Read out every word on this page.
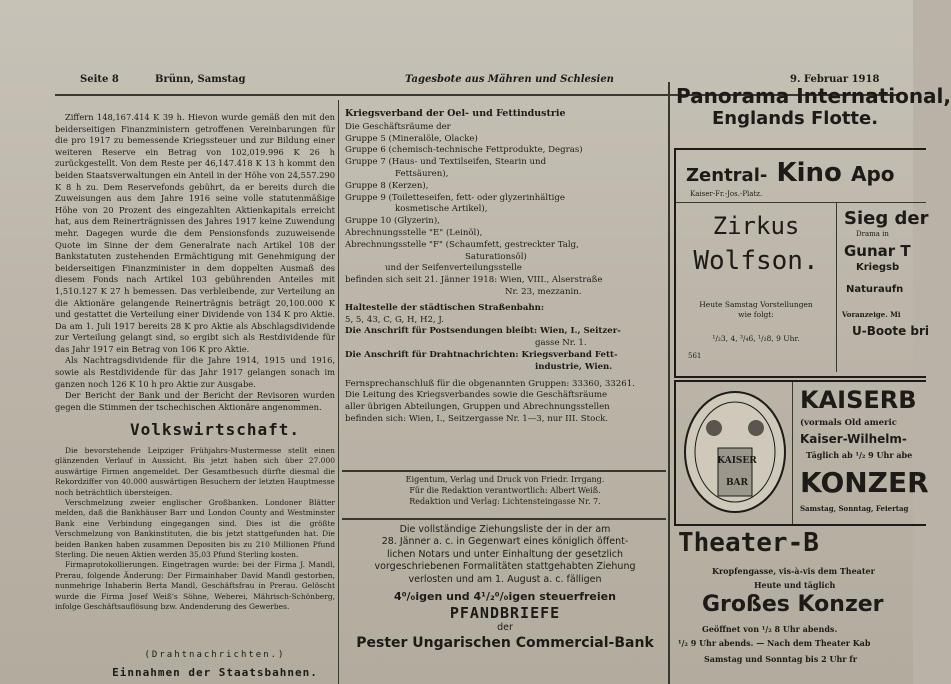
Seite 8	Brünn, Samstag	Tagesbote aus Mähren und Schlesien	9. Februar 1918

Ziffern 148,167.414 K 39 h. Hievon wurde gemäß den mit den beiderseitigen Finanzministern getroffenen Vereinbarungen für die pro 1917 zu bemessende Kriegssteuer und zur Bildung einer weiteren Reserve ein Betrag von 102,019.996 K 26 h zurückgestellt. Von dem Reste per 46,147.418 K 13 h kommt den beiden Staatsverwaltungen ein Anteil in der Höhe von 24,557.290 K 8 h zu. Dem Reservefonds gebührt, da er bereits durch die Zuweisungen aus dem Jahre 1916 seine volle statutenmäßige Höhe von 20 Prozent des eingezahlten Aktienkapitals erreicht hat, aus dem Reinerträgnissen des Jahres 1917 keine Zuwendung mehr. Dagegen wurde die dem Pensionsfonds zuzuweisende Quote im Sinne der dem Generalrate nach Artikel 108 der Bankstatuten zustehenden Ermächtigung mit Genehmigung der beiderseitigen Finanzminister in dem doppelten Ausmaß des diesem Fonds nach Artikel 103 gebührenden Anteiles mit 1,510.127 K 27 h bemessen. Das verbleibende, zur Verteilung an die Aktionäre gelangende Reinerträgnis beträgt 20,100.000 K und gestattet die Verteilung einer Dividende von 134 K pro Aktie. Da am 1. Juli 1917 bereits 28 K pro Aktie als Abschlagsdividende zur Verteilung gelangt sind, so ergibt sich als Restdividende für das Jahr 1917 ein Betrag von 106 K pro Aktie.

Als Nachtragsdividende für die Jahre 1914, 1915 und 1916, sowie als Restdividende für das Jahr 1917 gelangen sonach im ganzen noch 126 K 10 h pro Aktie zur Ausgabe.

Der Bericht der Bank und der Bericht der Revisoren wurden gegen die Stimmen der tschechischen Aktionäre angenommen.

Volkswirtschaft.

Die bevorstehende Leipziger Frühjahrs-Mustermesse stellt einen glänzenden Verlauf in Aussicht. Bis jetzt haben sich über 27.000 auswärtige Firmen angemeldet. Der Gesamtbesuch dürfte diesmal die Rekordziffer von 40.000 auswärtigen Besuchern der letzten Hauptmesse noch beträchtlich übersteigen.

Verschmelzung zweier englischer Großbanken. Londoner Blätter melden, daß die Bankhäuser Barr und London County and Westminster Bank eine Verbindung eingegangen sind. Dies ist die größte Verschmelzung von Bankinstituten, die bis jetzt stattgefunden hat. Die beiden Banken haben zusammen Depositen bis zu 210 Millionen Pfund Sterling. Die neuen Aktien werden 35,03 Pfund Sterling kosten.

Firmaprotokollierungen. Eingetragen wurde: bei der Firma J. Mandl, Prerau, folgende Änderung: Der Firmainhaber David Mandl gestorben, nunmehrige Inhaberin Berta Mandl, Geschäftsfrau in Prerau. Gelöscht wurde die Firma Josef Weiß's Söhne, Weberei, Mährisch-Schönberg, infolge Geschäftsauflösung bzw. Andenderung des Gewerbes.

(Drahtnachrichten.)
Einnahmen der Staatsbahnen.
Kriegsverband der Oel- und Fettindustrie
Die Geschäftsräume der
Gruppe 5 (Mineralöle, Olacke)
Gruppe 6 (chemisch-technische Fettprodukte, Degras)
Gruppe 7 (Haus- und Textilseifen, Stearin und
Fettsäuren),
Gruppe 8 (Kerzen),
Gruppe 9 (Toiletteseifen, fett- oder glyzerinhältige
kosmetische Artikel),
Gruppe 10 (Glyzerin),
Abrechnungsstelle "E" (Leinöl),
Abrechnungsstelle "F" (Schaumfett, gestreckter Talg,
Saturationsöl)
und der Seifenverteilungsstelle
befinden sich seit 21. Jänner 1918: Wien, VIII., Alserstraße
Nr. 23, mezzanin.
Haltestelle der städtischen Straßenbahn:
5, 5, 43, C, G, H, H2, J.
Die Anschrift für Postsendungen bleibt: Wien, I., Seitzer-
gasse Nr. 1.
Die Anschrift für Drahtnachrichten: Kriegsverband Fett-
industrie, Wien.
Fernsprechanschluß für die obgenannten Gruppen: 33360, 33261.
Die Leitung des Kriegsverbandes sowie die Geschäftsräume
aller übrigen Abteilungen, Gruppen und Abrechnungsstellen
befinden sich: Wien, I., Seitzergasse Nr. 1—3, nur III. Stock.
Eigentum, Verlag und Druck von Friedr. Irrgang.
Für die Redaktion verantwortlich: Albert Weiß.
Redaktion und Verlag: Lichtensteingasse Nr. 7.
Die vollständige Ziehungsliste der in der am
28. Jänner a. c. in Gegenwart eines königlich öffent-
lichen Notars und unter Einhaltung der gesetzlich
vorgeschriebenen Formalitäten stattgehabten Ziehung
verlosten und am 1. August a. c. fälligen
4⁰/₀igen und 4¹/₂⁰/₀igen steuerfreien
PFANDBRIEFE
der
Pester Ungarischen Commercial-Bank
Panorama International,
Englands Flotte.
Zentral- Kino Apo
Kaiser-Fr.-Jos.-Platz.
Zirkus
Wolfson.
Heute Samstag Vorstellungen
wie folgt:
¹/₂3, 4, ³/₄6, ¹/₂8, 9 Uhr.
561
Sieg der
Drama in
Gunar T
Kriegsb
Naturaufn
Voranzeige. Mi
U-Boote bri
KAISER
BAR
KAISERB
(vormals Old americ
Kaiser-Wilhelm-
Täglich ab ¹/₂ 9 Uhr abe
KONZER
Samstag, Sonntag, Feiertag
Theater-B
Kropfengasse, vis-à-vis dem Theater
Heute und täglich
Großes Konzer
Geöffnet von ¹/₂ 8 Uhr abends.
¹/₂ 9 Uhr abends. — Nach dem Theater Kab
Samstag und Sonntag bis 2 Uhr fr
